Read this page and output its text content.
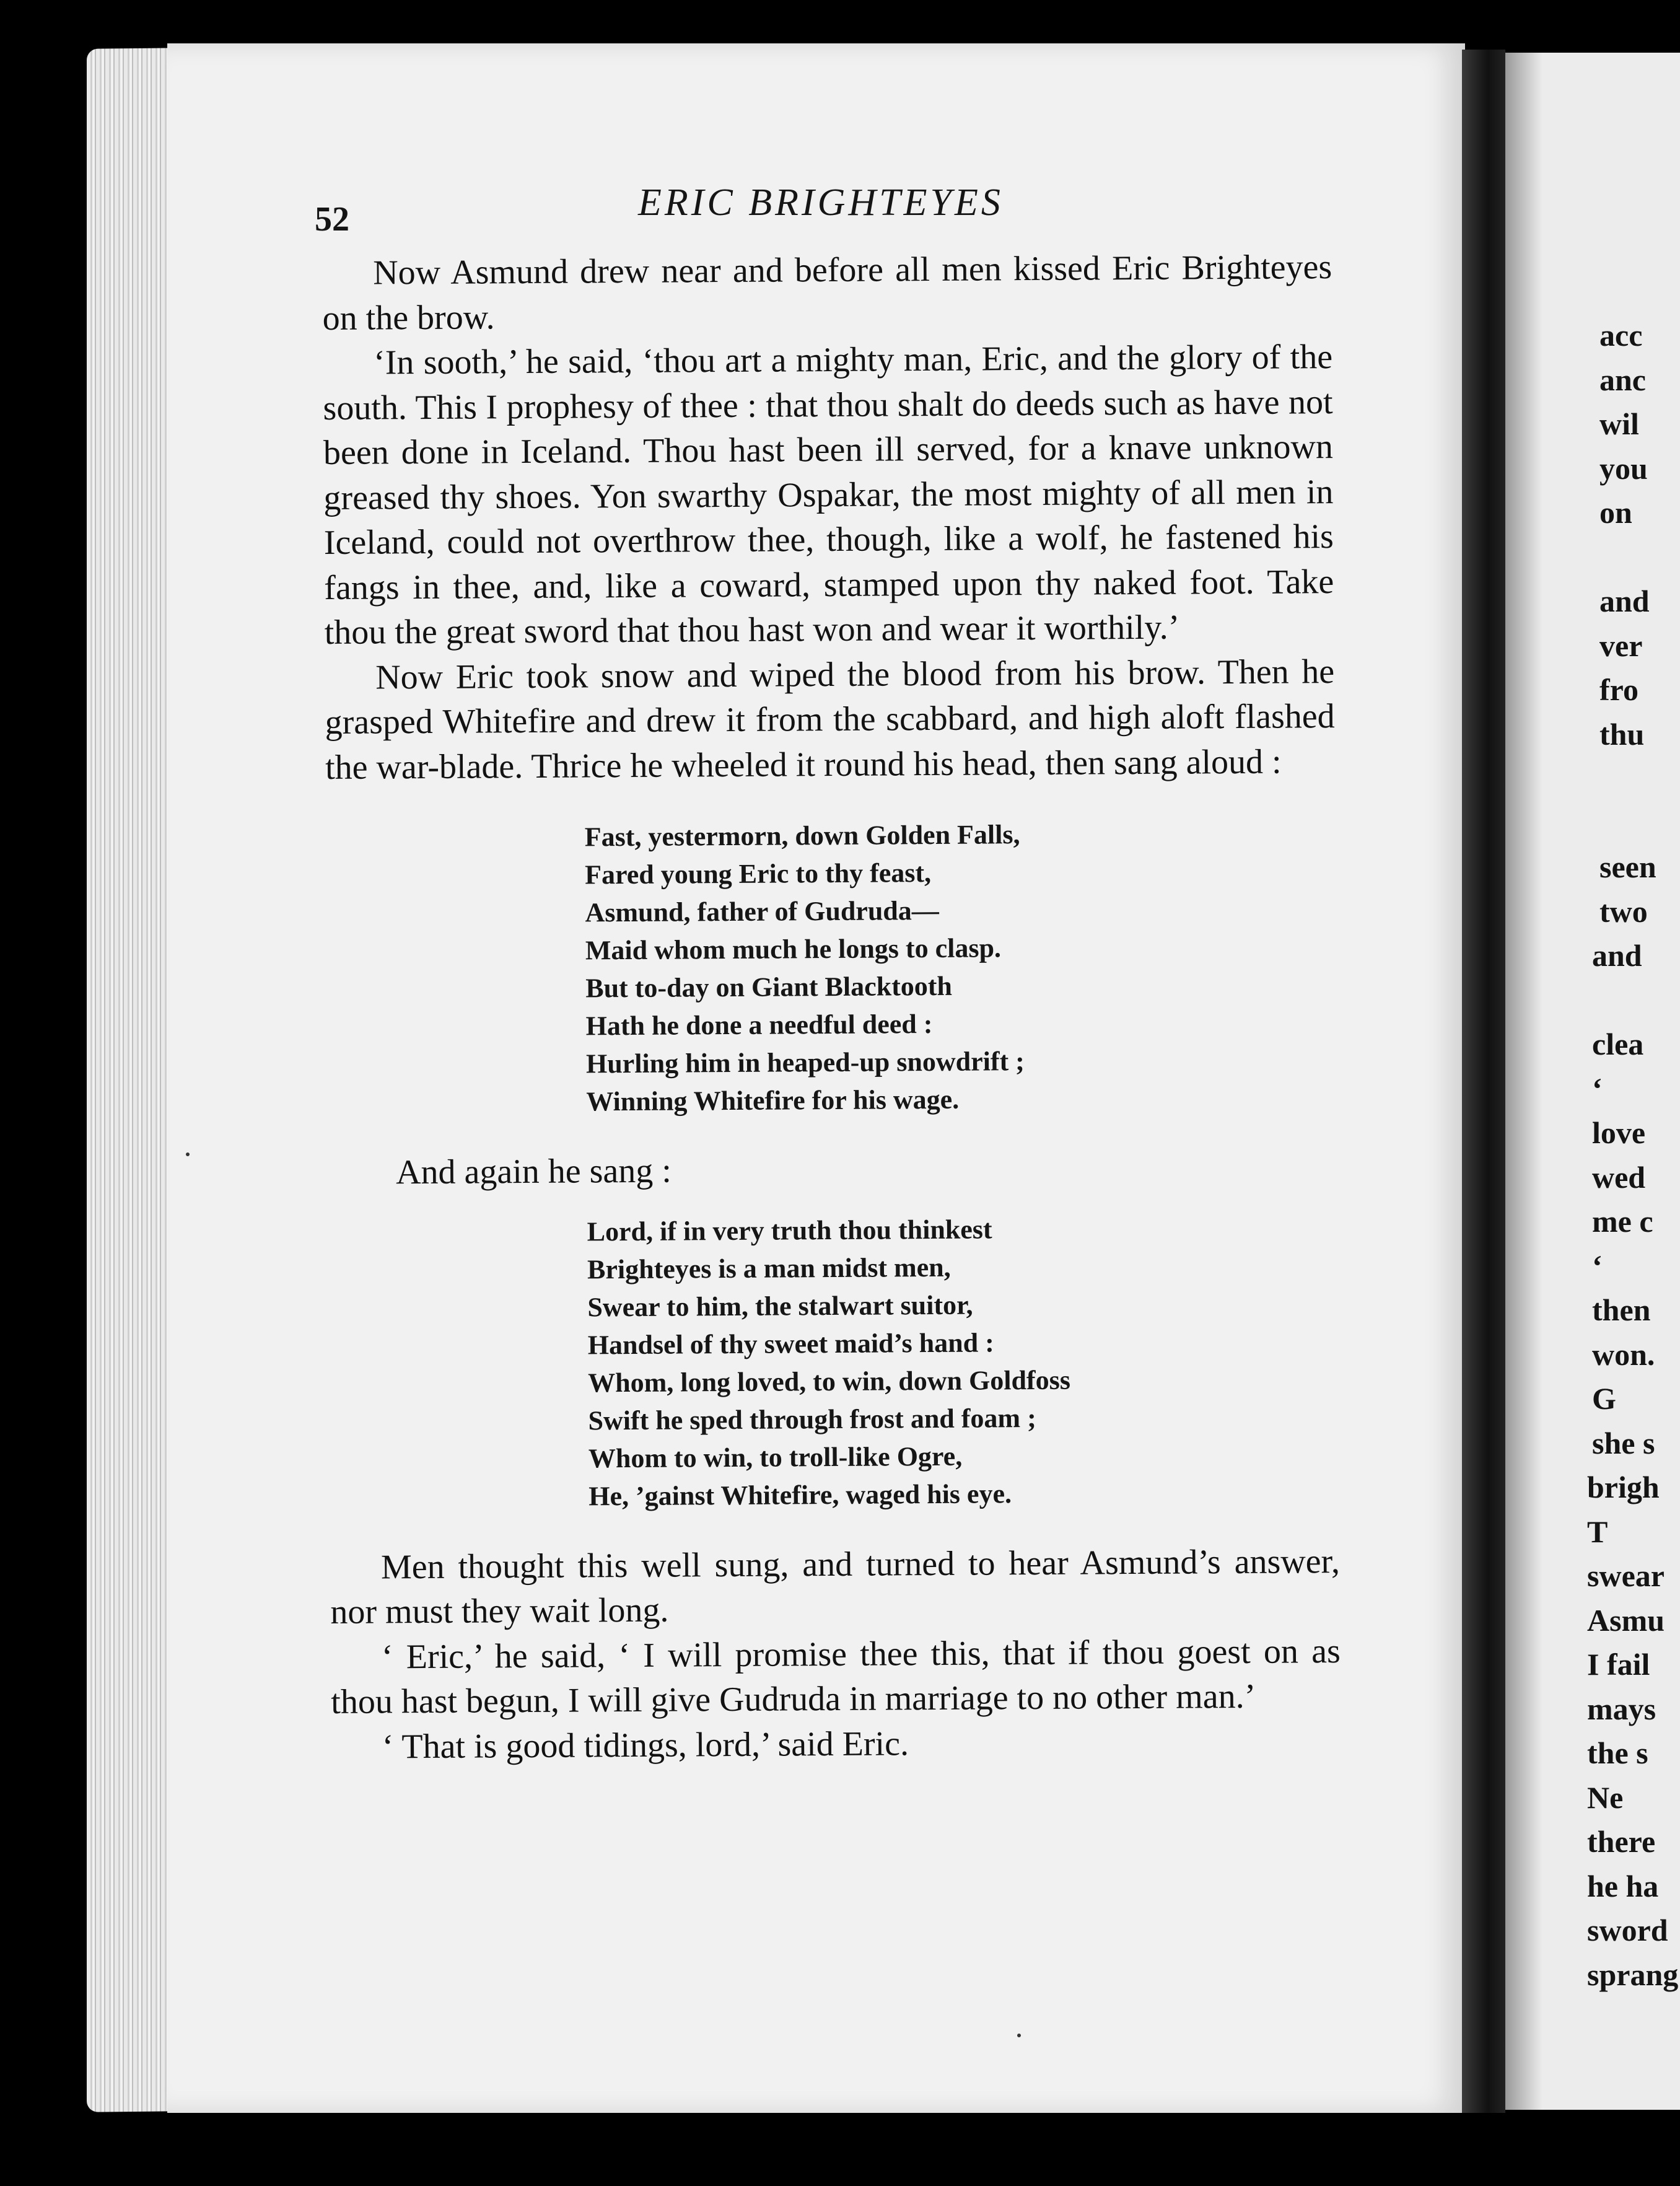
52	ERIC BRIGHTEYES

Now Asmund drew near and before all men kissed Eric Brighteyes on the brow.

‘In sooth,’ he said, ‘thou art a mighty man, Eric, and the glory of the south. This I prophesy of thee : that thou shalt do deeds such as have not been done in Iceland. Thou hast been ill served, for a knave unknown greased thy shoes. Yon swarthy Ospakar, the most mighty of all men in Iceland, could not overthrow thee, though, like a wolf, he fastened his fangs in thee, and, like a coward, stamped upon thy naked foot. Take thou the great sword that thou hast won and wear it worthily.’

Now Eric took snow and wiped the blood from his brow. Then he grasped Whitefire and drew it from the scabbard, and high aloft flashed the war-blade. Thrice he wheeled it round his head, then sang aloud :

Fast, yestermorn, down Golden Falls,
Fared young Eric to thy feast,
Asmund, father of Gudruda—
Maid whom much he longs to clasp.
But to-day on Giant Blacktooth
Hath he done a needful deed :
Hurling him in heaped-up snowdrift ;
Winning Whitefire for his wage.

And again he sang :

Lord, if in very truth thou thinkest
Brighteyes is a man midst men,
Swear to him, the stalwart suitor,
Handsel of thy sweet maid’s hand :
Whom, long loved, to win, down Goldfoss
Swift he sped through frost and foam ;
Whom to win, to troll-like Ogre,
He, ’gainst Whitefire, waged his eye.

Men thought this well sung, and turned to hear Asmund’s answer, nor must they wait long.

‘ Eric,’ he said, ‘ I will promise thee this, that if thou goest on as thou hast begun, I will give Gudruda in marriage to no other man.’

‘ That is good tidings, lord,’ said Eric.

acc
anc
wil
you
on
and
ver
fro
thu
seen
two
and
clea
‘
love
wed
me c
‘
then
won.
G
she s
brigh
T
swear
Asmu
I fail
mays
the s
Ne
there
he ha
sword
sprang
